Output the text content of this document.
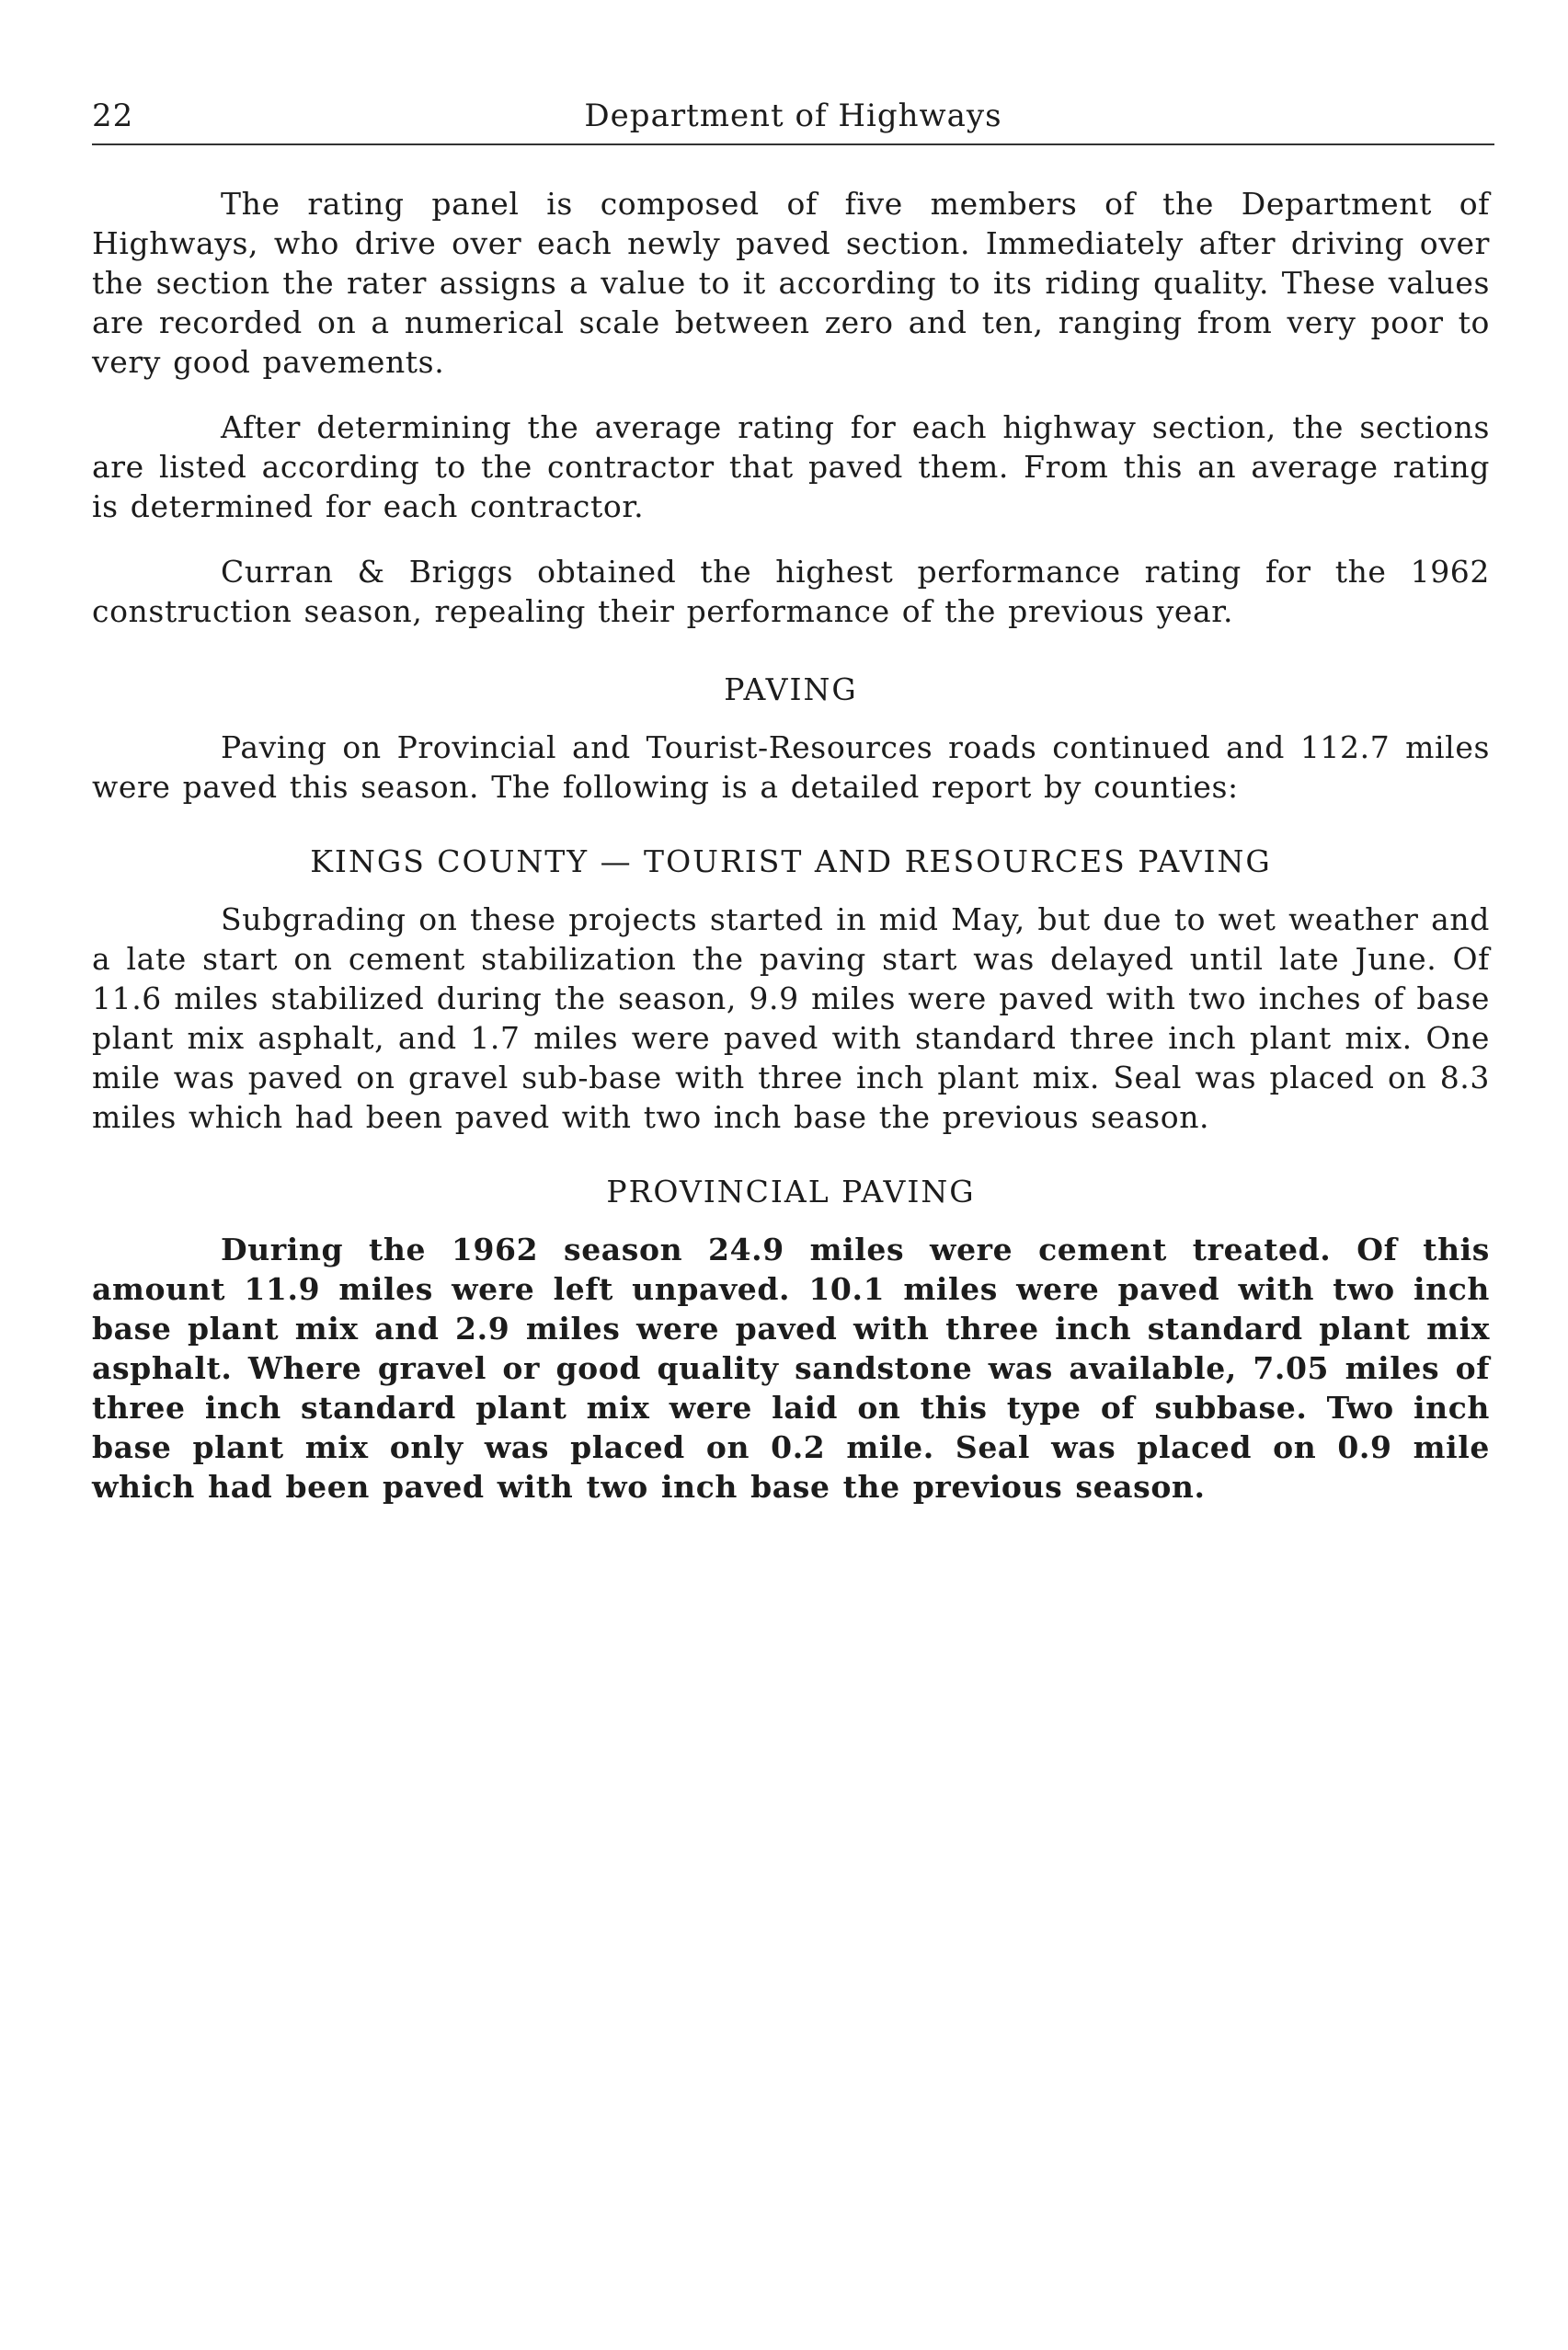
22	Department of Highways

The rating panel is composed of five members of the Department of Highways, who drive over each newly paved section. Immediately after driving over the section the rater assigns a value to it according to its riding quality. These values are recorded on a numerical scale between zero and ten, ranging from very poor to very good pavements.

After determining the average rating for each highway section, the sections are listed according to the contractor that paved them. From this an average rating is determined for each contractor.

Curran & Briggs obtained the highest performance rating for the 1962 construction season, repealing their performance of the previous year.

PAVING

Paving on Provincial and Tourist-Resources roads continued and 112.7 miles were paved this season. The following is a detailed report by counties:

KINGS COUNTY — TOURIST AND RESOURCES PAVING

Subgrading on these projects started in mid May, but due to wet weather and a late start on cement stabilization the paving start was delayed until late June. Of 11.6 miles stabilized during the season, 9.9 miles were paved with two inches of base plant mix asphalt, and 1.7 miles were paved with standard three inch plant mix. One mile was paved on gravel sub-base with three inch plant mix. Seal was placed on 8.3 miles which had been paved with two inch base the previous season.

PROVINCIAL PAVING

During the 1962 season 24.9 miles were cement treated. Of this amount 11.9 miles were left unpaved. 10.1 miles were paved with two inch base plant mix and 2.9 miles were paved with three inch standard plant mix asphalt. Where gravel or good quality sandstone was available, 7.05 miles of three inch standard plant mix were laid on this type of subbase. Two inch base plant mix only was placed on 0.2 mile. Seal was placed on 0.9 mile which had been paved with two inch base the previous season.
